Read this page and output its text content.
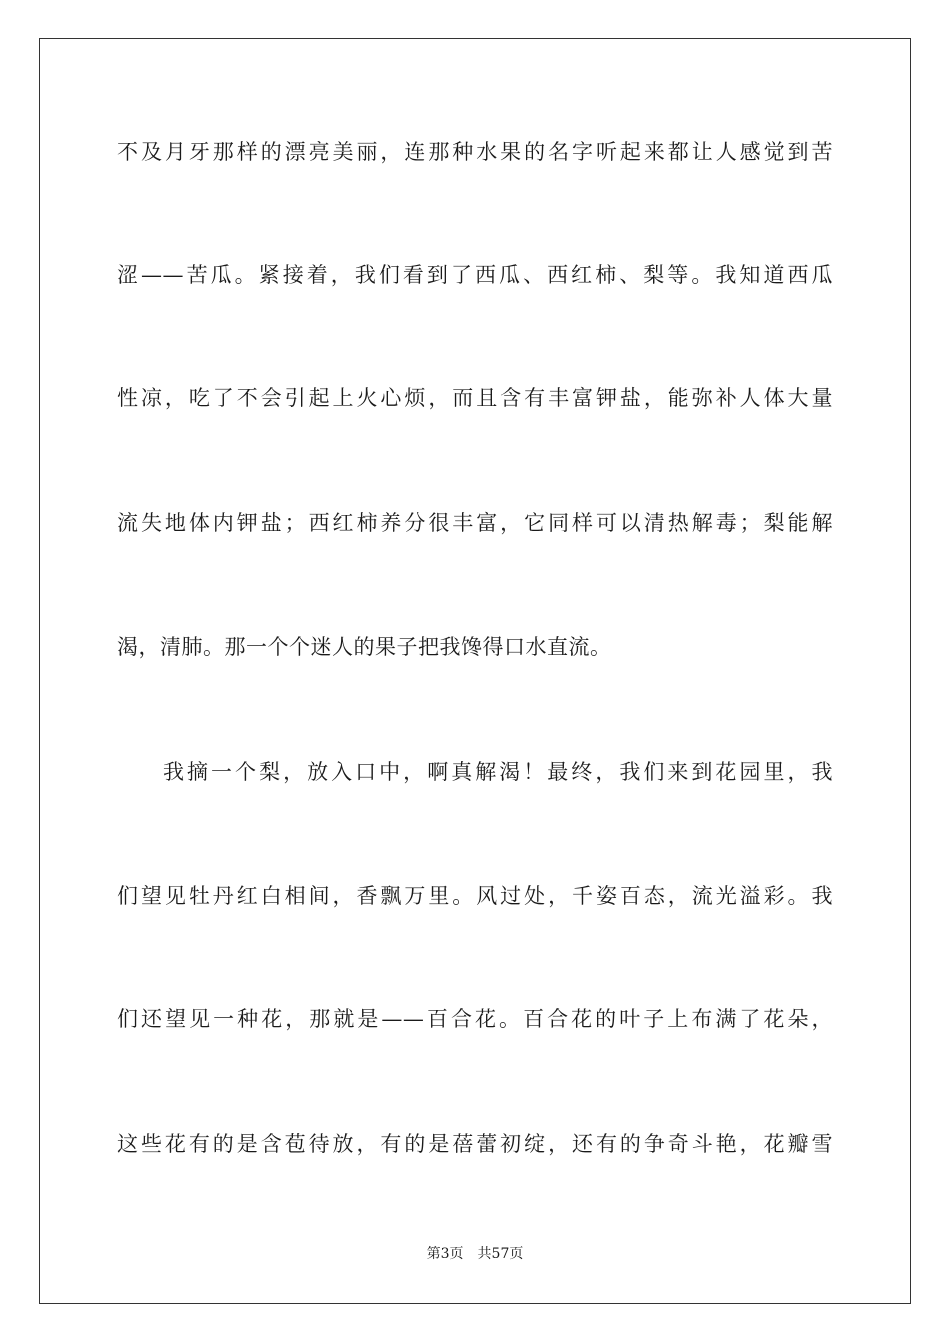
不及月牙那样的漂亮美丽，连那种水果的名字听起来都让人感觉到苦
涩——苦瓜。紧接着，我们看到了西瓜、西红柿、梨等。我知道西瓜
性凉，吃了不会引起上火心烦，而且含有丰富钾盐，能弥补人体大量
流失地体内钾盐；西红柿养分很丰富，它同样可以清热解毒；梨能解
渴，清肺。那一个个迷人的果子把我馋得口水直流。
我摘一个梨，放入口中，啊真解渴！最终，我们来到花园里，我
们望见牡丹红白相间，香飘万里。风过处，千姿百态，流光溢彩。我
们还望见一种花，那就是——百合花。百合花的叶子上布满了花朵，
这些花有的是含苞待放，有的是蓓蕾初绽，还有的争奇斗艳，花瓣雪
第3页 共57页
